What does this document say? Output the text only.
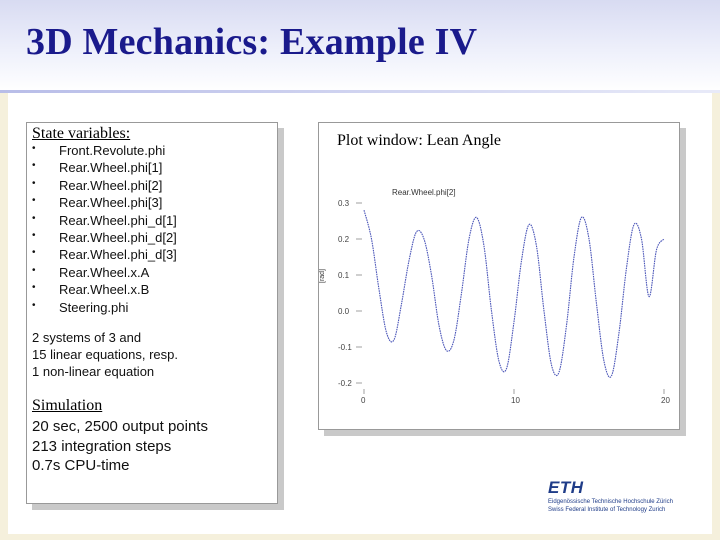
3D Mechanics: Example IV
State variables:
• Front.Revolute.phi
• Rear.Wheel.phi[1]
• Rear.Wheel.phi[2]
• Rear.Wheel.phi[3]
• Rear.Wheel.phi_d[1]
• Rear.Wheel.phi_d[2]
• Rear.Wheel.phi_d[3]
• Rear.Wheel.x.A
• Rear.Wheel.x.B
• Steering.phi
2 systems of 3 and
15 linear equations, resp.
1 non-linear equation
Simulation
20 sec, 2500 output points
213 integration steps
0.7s CPU-time
Plot window: Lean Angle
Rear.Wheel.phi[2]
[rad]
0.3
0.2
0.1
0.0
-0.1
-0.2
0	10	20
ETH
Eidgenössische Technische Hochschule Zürich
Swiss Federal Institute of Technology Zurich
